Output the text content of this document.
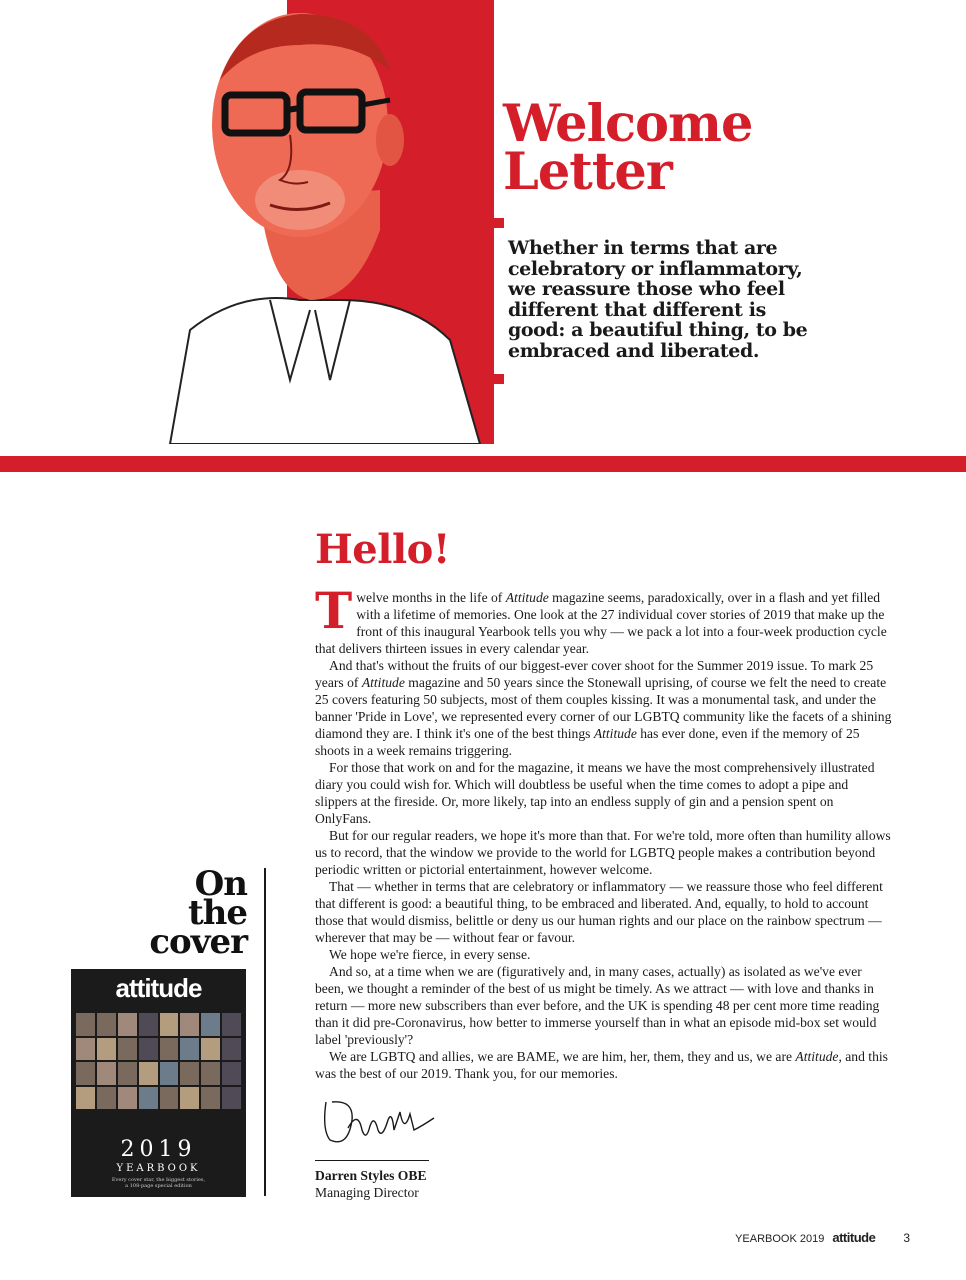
Welcome
Letter
Whether in terms that are celebratory or inflammatory, we reassure those who feel different that different is good: a beautiful thing, to be embraced and liberated.
Hello!

Twelve months in the life of Attitude magazine seems, paradoxically, over in a flash and yet filled with a lifetime of memories. One look at the 27 individual cover stories of 2019 that make up the front of this inaugural Yearbook tells you why — we pack a lot into a four-week production cycle that delivers thirteen issues in every calendar year.

And that's without the fruits of our biggest-ever cover shoot for the Summer 2019 issue. To mark 25 years of Attitude magazine and 50 years since the Stonewall uprising, of course we felt the need to create 25 covers featuring 50 subjects, most of them couples kissing. It was a monumental task, and under the banner 'Pride in Love', we represented every corner of our LGBTQ community like the facets of a shining diamond they are. I think it's one of the best things Attitude has ever done, even if the memory of 25 shoots in a week remains triggering.

For those that work on and for the magazine, it means we have the most comprehensively illustrated diary you could wish for. Which will doubtless be useful when the time comes to adopt a pipe and slippers at the fireside. Or, more likely, tap into an endless supply of gin and a pension spent on OnlyFans.

But for our regular readers, we hope it's more than that. For we're told, more often than humility allows us to record, that the window we provide to the world for LGBTQ people makes a contribution beyond periodic written or pictorial entertainment, however welcome.

That — whether in terms that are celebratory or inflammatory — we reassure those who feel different that different is good: a beautiful thing, to be embraced and liberated. And, equally, to hold to account those that would dismiss, belittle or deny us our human rights and our place on the rainbow spectrum — wherever that may be — without fear or favour.

We hope we're fierce, in every sense.

And so, at a time when we are (figuratively and, in many cases, actually) as isolated as we've ever been, we thought a reminder of the best of us might be timely. As we attract — with love and thanks in return — more new subscribers than ever before, and the UK is spending 48 per cent more time reading than it did pre-Coronavirus, how better to immerse yourself than in what an episode mid-box set would label 'previously'?

We are LGBTQ and allies, we are BAME, we are him, her, them, they and us, we are Attitude, and this was the best of our 2019. Thank you, for our memories.

Darren Styles OBE
Managing Director
On
the
cover
attitude
2019
YEARBOOK
Every cover star, the biggest stories,
a 108-page special edition
YEARBOOK 2019 attitude 3
